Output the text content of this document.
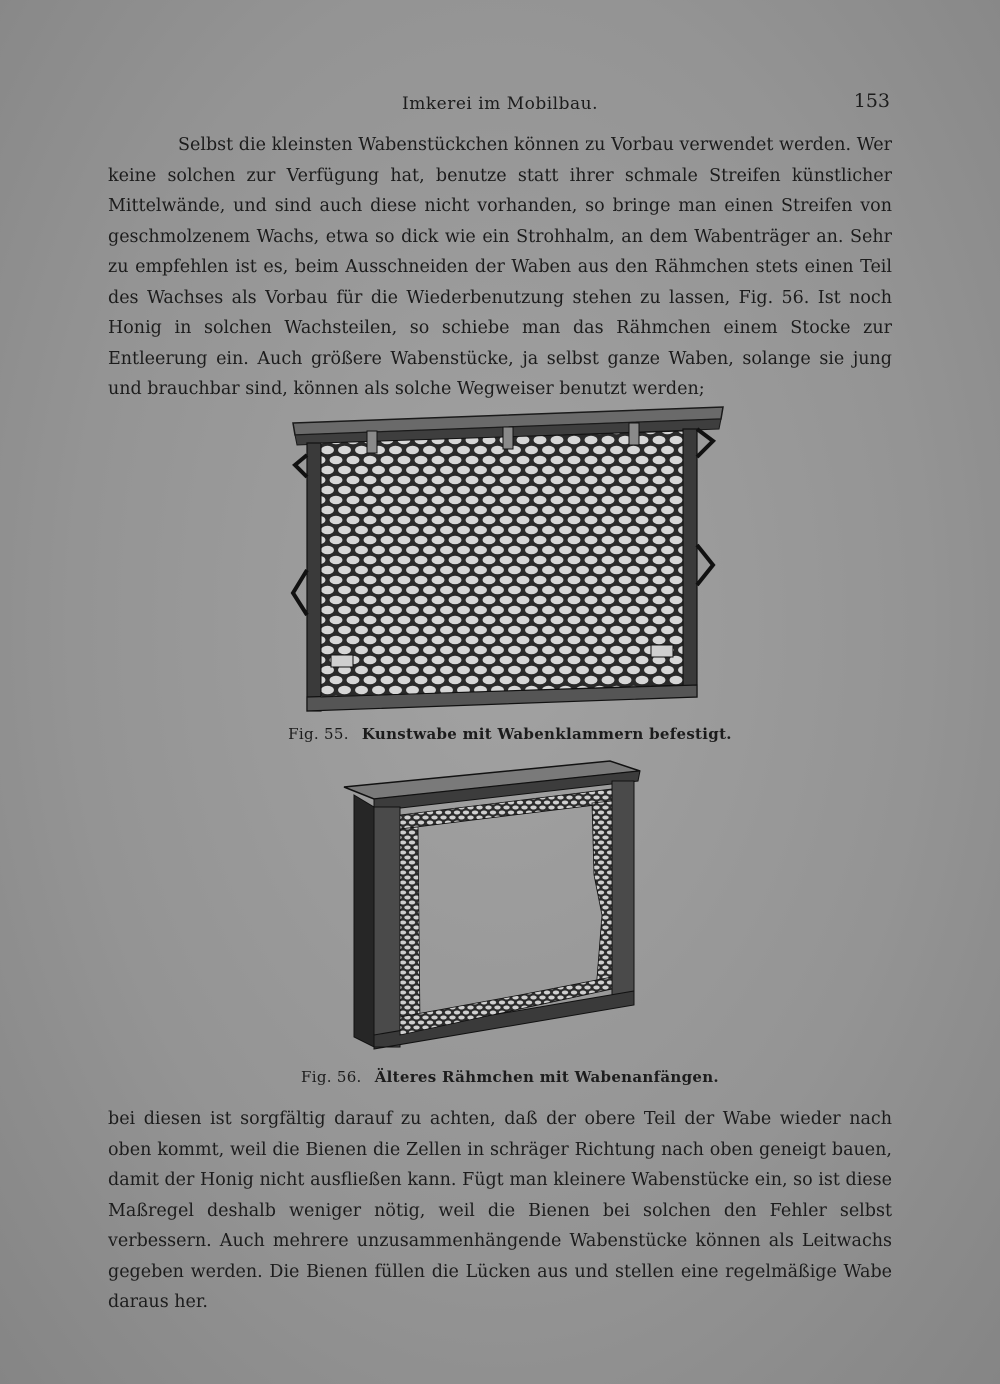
Imkerei im Mobilbau.	153

Selbst die kleinsten Wabenstückchen können zu Vorbau verwendet werden. Wer keine solchen zur Verfügung hat, benutze statt ihrer schmale Streifen künstlicher Mittelwände, und sind auch diese nicht vorhanden, so bringe man einen Streifen von geschmolzenem Wachs, etwa so dick wie ein Strohhalm, an dem Wabenträger an. Sehr zu empfehlen ist es, beim Ausschneiden der Waben aus den Rähmchen stets einen Teil des Wachses als Vorbau für die Wiederbenutzung stehen zu lassen, Fig. 56. Ist noch Honig in solchen Wachsteilen, so schiebe man das Rähmchen einem Stocke zur Entleerung ein. Auch größere Wabenstücke, ja selbst ganze Waben, solange sie jung und brauchbar sind, können als solche Wegweiser benutzt werden;

Fig. 55. Kunstwabe mit Wabenklammern befestigt.
Fig. 56. Älteres Rähmchen mit Wabenanfängen.

bei diesen ist sorgfältig darauf zu achten, daß der obere Teil der Wabe wieder nach oben kommt, weil die Bienen die Zellen in schräger Richtung nach oben geneigt bauen, damit der Honig nicht ausfließen kann. Fügt man kleinere Wabenstücke ein, so ist diese Maßregel deshalb weniger nötig, weil die Bienen bei solchen den Fehler selbst verbessern. Auch mehrere unzusammenhängende Wabenstücke können als Leitwachs gegeben werden. Die Bienen füllen die Lücken aus und stellen eine regelmäßige Wabe daraus her.
